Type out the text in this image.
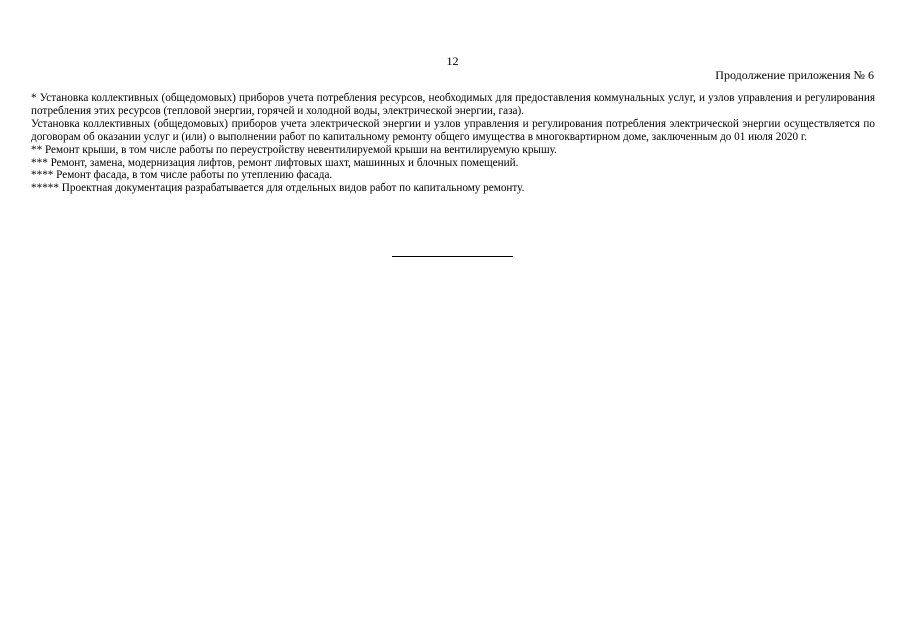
12
Продолжение приложения № 6

* Установка коллективных (общедомовых) приборов учета потребления ресурсов, необходимых для предоставления коммунальных услуг, и узлов управления и регулирования потребления этих ресурсов (тепловой энергии, горячей и холодной воды, электрической энергии, газа).

Установка коллективных (общедомовых) приборов учета электрической энергии и узлов управления и регулирования потребления электрической энергии осуществляется по договорам об оказании услуг и (или) о выполнении работ по капитальному ремонту общего имущества в многоквартирном доме, заключенным до 01 июля 2020 г.

** Ремонт крыши, в том числе работы по переустройству невентилируемой крыши на вентилируемую крышу.

*** Ремонт, замена, модернизация лифтов, ремонт лифтовых шахт, машинных и блочных помещений.

**** Ремонт фасада, в том числе работы по утеплению фасада.

***** Проектная документация разрабатывается для отдельных видов работ по капитальному ремонту.
